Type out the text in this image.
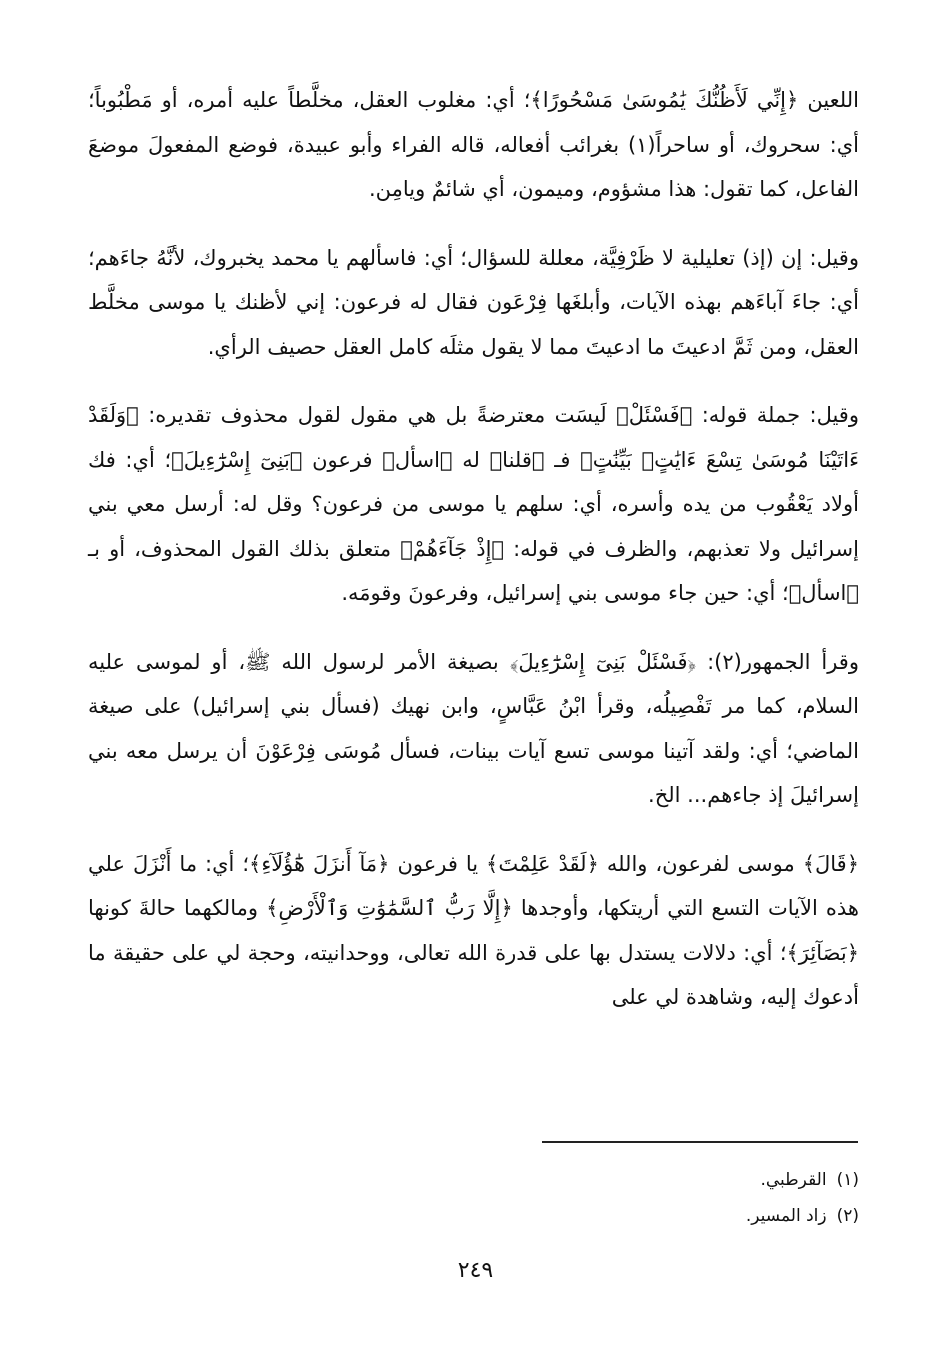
اللعين ﴿إِنِّي لَأَظُنُّكَ يَٰمُوسَىٰ مَسْحُورًا﴾؛ أي: مغلوب العقل، مخلَّطاً عليه أمره، أو مَطْبُوباً؛ أي: سحروك، أو ساحراً(١) بغرائب أفعاله، قاله الفراء وأبو عبيدة، فوضع المفعولَ موضعَ الفاعل، كما تقول: هذا مشؤوم، وميمون، أي شائمٌ ويامِن.

وقيل: إن (إذ) تعليلية لا ظَرْفِيَّة، معللة للسؤال؛ أي: فاسألهم يا محمد يخبروك، لأنَّهُ جاءَهم؛ أي: جاءَ آباءَهم بهذه الآيات، وأبلغَها فِرْعَون فقال له فرعون: إني لأظنك يا موسى مخلَّط العقل، ومن ثَمَّ ادعيتَ ما ادعيتَ مما لا يقول مثلَه كامل العقل حصيف الرأي.

وقيل: جملة قوله: ﴿فَسْئَلْ﴾ لَيسَت معترضةً بل هي مقول لقول محذوف تقديره: ﴿وَلَقَدْ ءَاتَيْنَا مُوسَىٰ تِسْعَ ءَايَٰتٍۭ بَيِّنَٰتٍ﴾ فـ ﴿قلنا﴾ له ﴿اسأل﴾ فرعون ﴿بَنِىٓ إِسْرَٰٓءِيلَ﴾؛ أي: فك أولاد يَعْقُوب من يده وأسره، أي: سلهم يا موسى من فرعون؟ وقل له: أرسل معي بني إسرائيل ولا تعذبهم، والظرف في قوله: ﴿إِذْ جَآءَهُمْ﴾ متعلق بذلك القول المحذوف، أو بـ ﴿اسأل﴾؛ أي: حين جاء موسى بني إسرائيل، وفرعونَ وقومَه.

وقرأ الجمهور(٢): ﴿فَسْئَلْ بَنِىٓ إِسْرَٰٓءِيلَ﴾ بصيغة الأمر لرسول الله ﷺ، أو لموسى عليه السلام، كما مر تَفْصِيلُه، وقرأ ابْنُ عَبَّاسٍ، وابن نهيك (فسأل بني إسرائيل) على صيغة الماضي؛ أي: ولقد آتينا موسى تسع آيات بينات، فسأل مُوسَى فِرْعَوْنَ أن يرسل معه بني إسرائيلَ إذ جاءهم... الخ.

﴿قَالَ﴾ موسى لفرعون، والله ﴿لَقَدْ عَلِمْتَ﴾ يا فرعون ﴿مَآ أَنزَلَ هَٰٓؤُلَآءِ﴾؛ أي: ما أَنْزَلَ علي هذه الآيات التسع التي أريتكها، وأوجدها ﴿إِلَّا رَبُّ ٱلسَّمَٰوَٰتِ وَٱلْأَرْضِ﴾ ومالكهما حالةَ كونها ﴿بَصَآئِرَ﴾؛ أي: دلالات يستدل بها على قدرة الله تعالى، ووحدانيته، وحجة لي على حقيقة ما أدعوك إليه، وشاهدة لي على

(١)
القرطبي.
(٢)
زاد المسير.
٢٤٩
